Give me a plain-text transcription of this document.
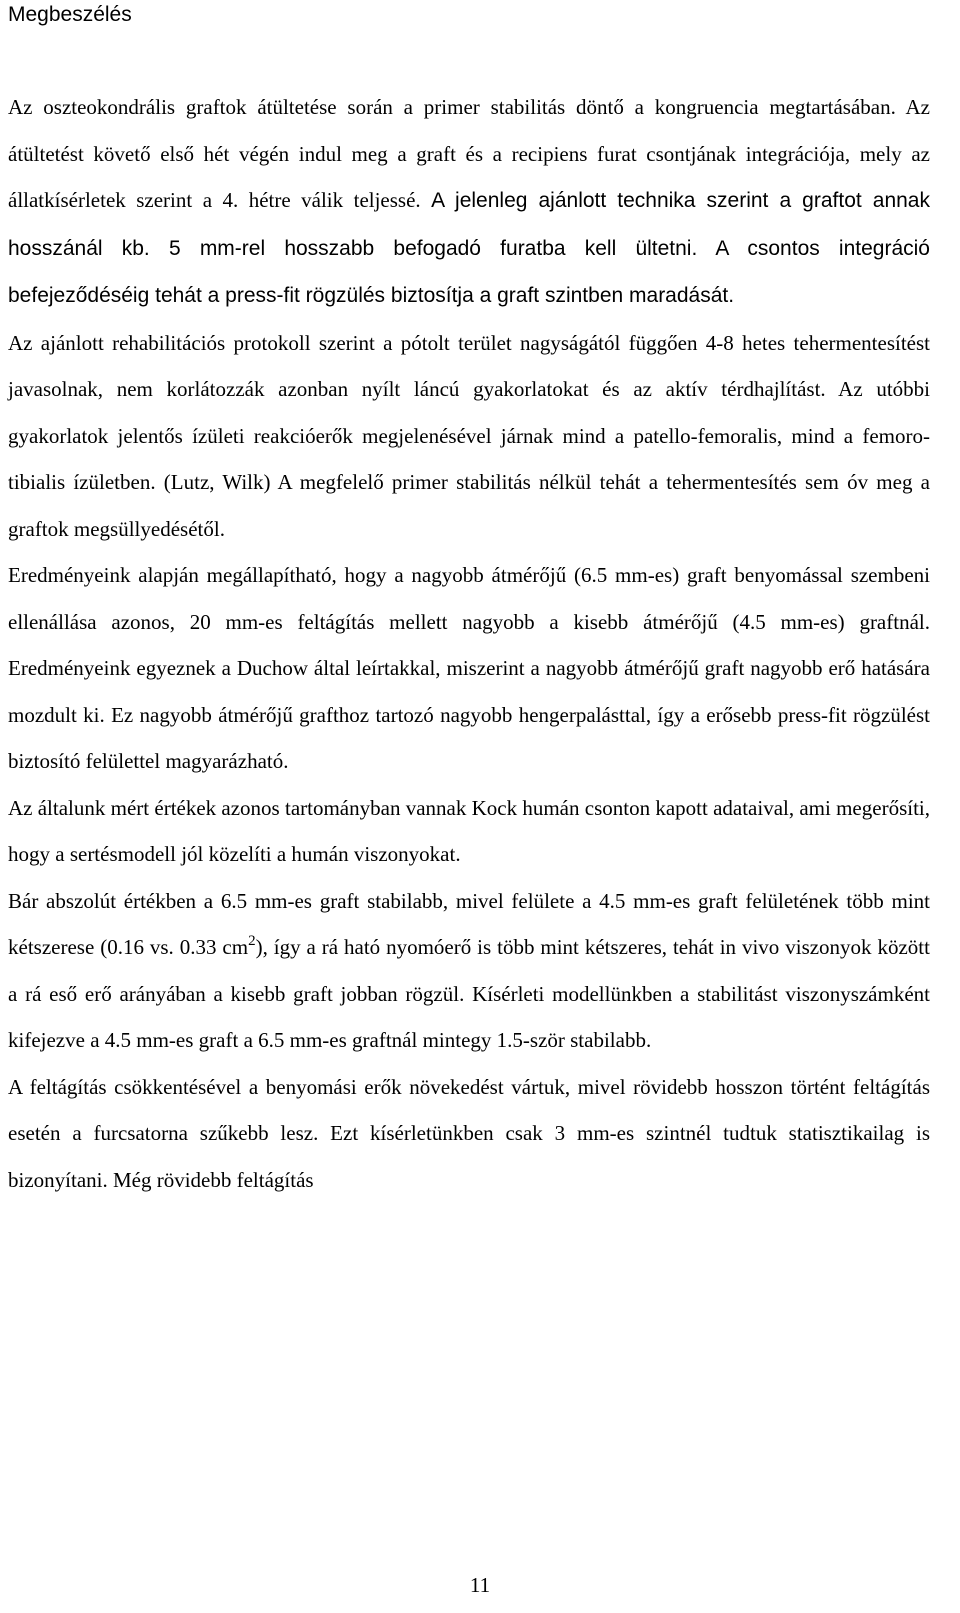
Megbeszélés

Az oszteokondrális graftok átültetése során a primer stabilitás döntő a kongruencia megtartásában. Az átültetést követő első hét végén indul meg a graft és a recipiens furat csontjának integrációja, mely az állatkísérletek szerint a 4. hétre válik teljessé. A jelenleg ajánlott technika szerint a graftot annak hosszánál kb. 5 mm-rel hosszabb befogadó furatba kell ültetni. A csontos integráció befejeződéséig tehát a press-fit rögzülés biztosítja a graft szintben maradását.

Az ajánlott rehabilitációs protokoll szerint a pótolt terület nagyságától függően 4-8 hetes tehermentesítést javasolnak, nem korlátozzák azonban nyílt láncú gyakorlatokat és az aktív térdhajlítást. Az utóbbi gyakorlatok jelentős ízületi reakcióerők megjelenésével járnak mind a patello-femoralis, mind a femoro-tibialis ízületben. (Lutz, Wilk) A megfelelő primer stabilitás nélkül tehát a tehermentesítés sem óv meg a graftok megsüllyedésétől.

Eredményeink alapján megállapítható, hogy a nagyobb átmérőjű (6.5 mm-es) graft benyomással szembeni ellenállása azonos, 20 mm-es feltágítás mellett nagyobb a kisebb átmérőjű (4.5 mm-es) graftnál. Eredményeink egyeznek a Duchow által leírtakkal, miszerint a nagyobb átmérőjű graft nagyobb erő hatására mozdult ki. Ez nagyobb átmérőjű grafthoz tartozó nagyobb hengerpalásttal, így a erősebb press-fit rögzülést biztosító felülettel magyarázható.

Az általunk mért értékek azonos tartományban vannak Kock humán csonton kapott adataival, ami megerősíti, hogy a sertésmodell jól közelíti a humán viszonyokat.

Bár abszolút értékben a 6.5 mm-es graft stabilabb, mivel felülete a 4.5 mm-es graft felületének több mint kétszerese (0.16 vs. 0.33 $cm^2$), így a rá ható nyomóerő is több mint kétszeres, tehát in vivo viszonyok között a rá eső erő arányában a kisebb graft jobban rögzül. Kísérleti modellünkben a stabilitást viszonyszámként kifejezve a 4.5 mm-es graft a 6.5 mm-es graftnál mintegy 1.5-ször stabilabb.

A feltágítás csökkentésével a benyomási erők növekedést vártuk, mivel rövidebb hosszon történt feltágítás esetén a furcsatorna szűkebb lesz. Ezt kísérletünkben csak 3 mm-es szintnél tudtuk statisztikailag is bizonyítani. Még rövidebb feltágítás

11
